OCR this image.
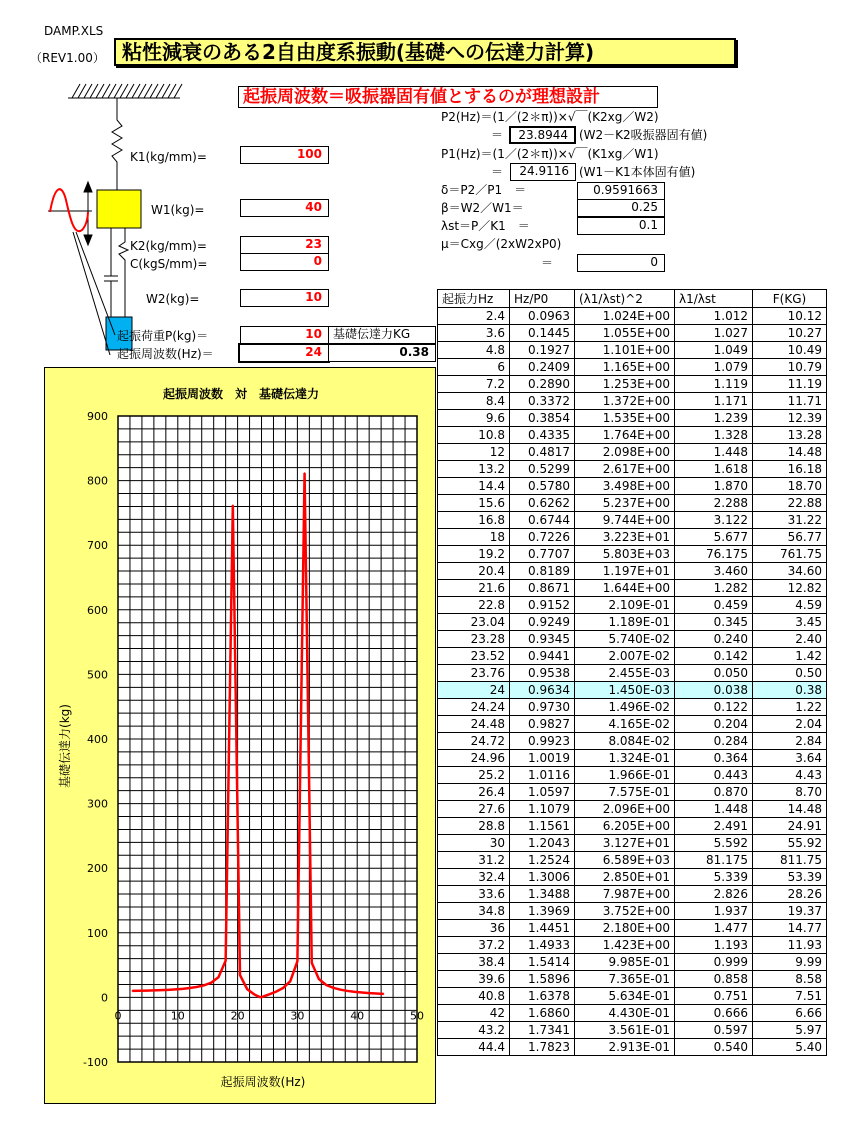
DAMP.XLS
（REV1.00） 粘性減衰のある2自由度系振動(基礎への伝達力計算)
起振周波数＝吸振器固有値とするのが理想設計
K1(kg/mm)=	100
W1(kg)=	40
K2(kg/mm)=	23
C(kgS/mm)=	0
W2(kg)=	10
起振荷重P(kg)＝	10 基礎伝達力KG
起振周波数(Hz)＝	24	0.38
P2(Hz)＝(1／(2＊π))×√￣(K2xg／W2)
＝	23.8944 (W2－K2吸振器固有値)
P1(Hz)＝(1／(2＊π))×√￣(K1xg／W1)
＝	24.9116 (W1－K1本体固有値)
δ＝P2／P1　＝	0.9591663
β＝W2／W1＝	0.25
λst＝P／K1　＝	0.1
μ＝Cxg／(2xW2xP0)
＝	0
起振力Hz	Hz/P0	(λ1/λst)^2	λ1/λst	F(KG)
2.4	0.0963	1.024E+00	1.012	10.12
3.6	0.1445	1.055E+00	1.027	10.27
4.8	0.1927	1.101E+00	1.049	10.49
6	0.2409	1.165E+00	1.079	10.79
7.2	0.2890	1.253E+00	1.119	11.19
8.4	0.3372	1.372E+00	1.171	11.71
9.6	0.3854	1.535E+00	1.239	12.39
10.8	0.4335	1.764E+00	1.328	13.28
12	0.4817	2.098E+00	1.448	14.48
13.2	0.5299	2.617E+00	1.618	16.18
14.4	0.5780	3.498E+00	1.870	18.70
15.6	0.6262	5.237E+00	2.288	22.88
16.8	0.6744	9.744E+00	3.122	31.22
18	0.7226	3.223E+01	5.677	56.77
19.2	0.7707	5.803E+03	76.175	761.75
20.4	0.8189	1.197E+01	3.460	34.60
21.6	0.8671	1.644E+00	1.282	12.82
22.8	0.9152	2.109E-01	0.459	4.59
23.04	0.9249	1.189E-01	0.345	3.45
23.28	0.9345	5.740E-02	0.240	2.40
23.52	0.9441	2.007E-02	0.142	1.42
23.76	0.9538	2.455E-03	0.050	0.50
24	0.9634	1.450E-03	0.038	0.38
24.24	0.9730	1.496E-02	0.122	1.22
24.48	0.9827	4.165E-02	0.204	2.04
24.72	0.9923	8.084E-02	0.284	2.84
24.96	1.0019	1.324E-01	0.364	3.64
25.2	1.0116	1.966E-01	0.443	4.43
26.4	1.0597	7.575E-01	0.870	8.70
27.6	1.1079	2.096E+00	1.448	14.48
28.8	1.1561	6.205E+00	2.491	24.91
30	1.2043	3.127E+01	5.592	55.92
31.2	1.2524	6.589E+03	81.175	811.75
32.4	1.3006	2.850E+01	5.339	53.39
33.6	1.3488	7.987E+00	2.826	28.26
34.8	1.3969	3.752E+00	1.937	19.37
36	1.4451	2.180E+00	1.477	14.77
37.2	1.4933	1.423E+00	1.193	11.93
38.4	1.5414	9.985E-01	0.999	9.99
39.6	1.5896	7.365E-01	0.858	8.58
40.8	1.6378	5.634E-01	0.751	7.51
42	1.6860	4.430E-01	0.666	6.66
43.2	1.7341	3.561E-01	0.597	5.97
44.4	1.7823	2.913E-01	0.540	5.40
起振周波数　対　基礎伝達力
-100
0
100
200
300
400
500
600
700
800
900
0	10	20	30	40	50
起振周波数(Hz)
基礎伝達力(kg)
